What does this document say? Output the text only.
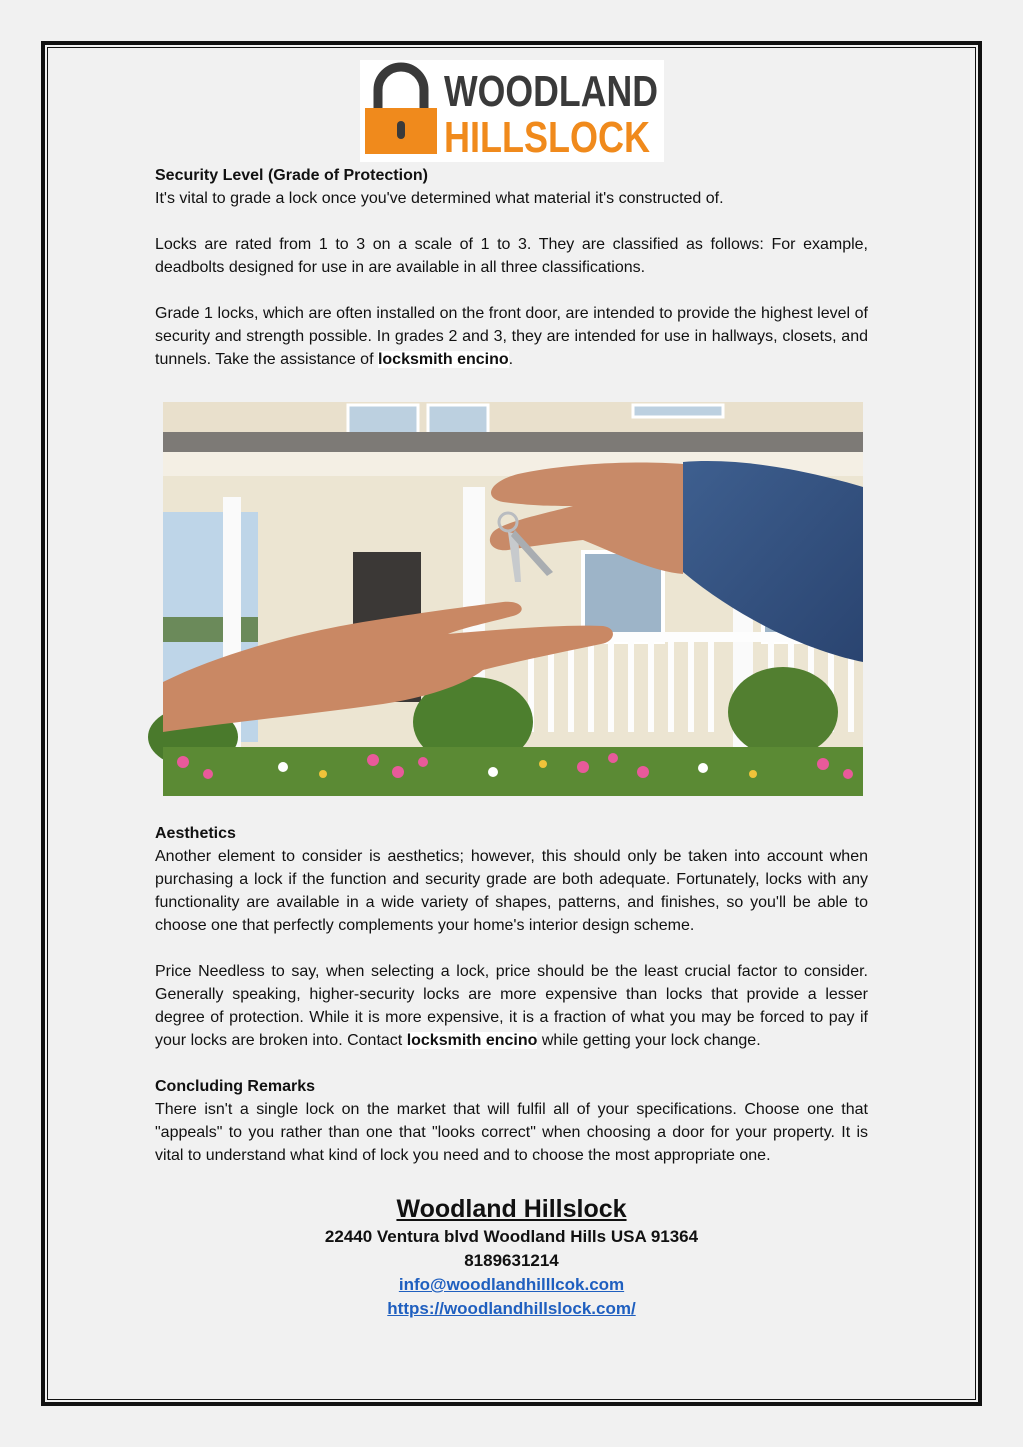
WOODLAND
HILLSLOCK
Security Level (Grade of Protection)

It's vital to grade a lock once you've determined what material it's constructed of.

Locks are rated from 1 to 3 on a scale of 1 to 3. They are classified as follows: For example, deadbolts designed for use in are available in all three classifications.

Grade 1 locks, which are often installed on the front door, are intended to provide the highest level of security and strength possible. In grades 2 and 3, they are intended for use in hallways, closets, and tunnels. Take the assistance of locksmith encino.

Aesthetics

Another element to consider is aesthetics; however, this should only be taken into account when purchasing a lock if the function and security grade are both adequate. Fortunately, locks with any functionality are available in a wide variety of shapes, patterns, and finishes, so you'll be able to choose one that perfectly complements your home's interior design scheme.

Price Needless to say, when selecting a lock, price should be the least crucial factor to consider. Generally speaking, higher-security locks are more expensive than locks that provide a lesser degree of protection. While it is more expensive, it is a fraction of what you may be forced to pay if your locks are broken into. Contact locksmith encino while getting your lock change.

Concluding Remarks

There isn't a single lock on the market that will fulfil all of your specifications. Choose one that "appeals" to you rather than one that "looks correct" when choosing a door for your property. It is vital to understand what kind of lock you need and to choose the most appropriate one.

Woodland Hillslock
22440 Ventura blvd Woodland Hills USA 91364
8189631214
info@woodlandhilllcok.com
https://woodlandhillslock.com/
